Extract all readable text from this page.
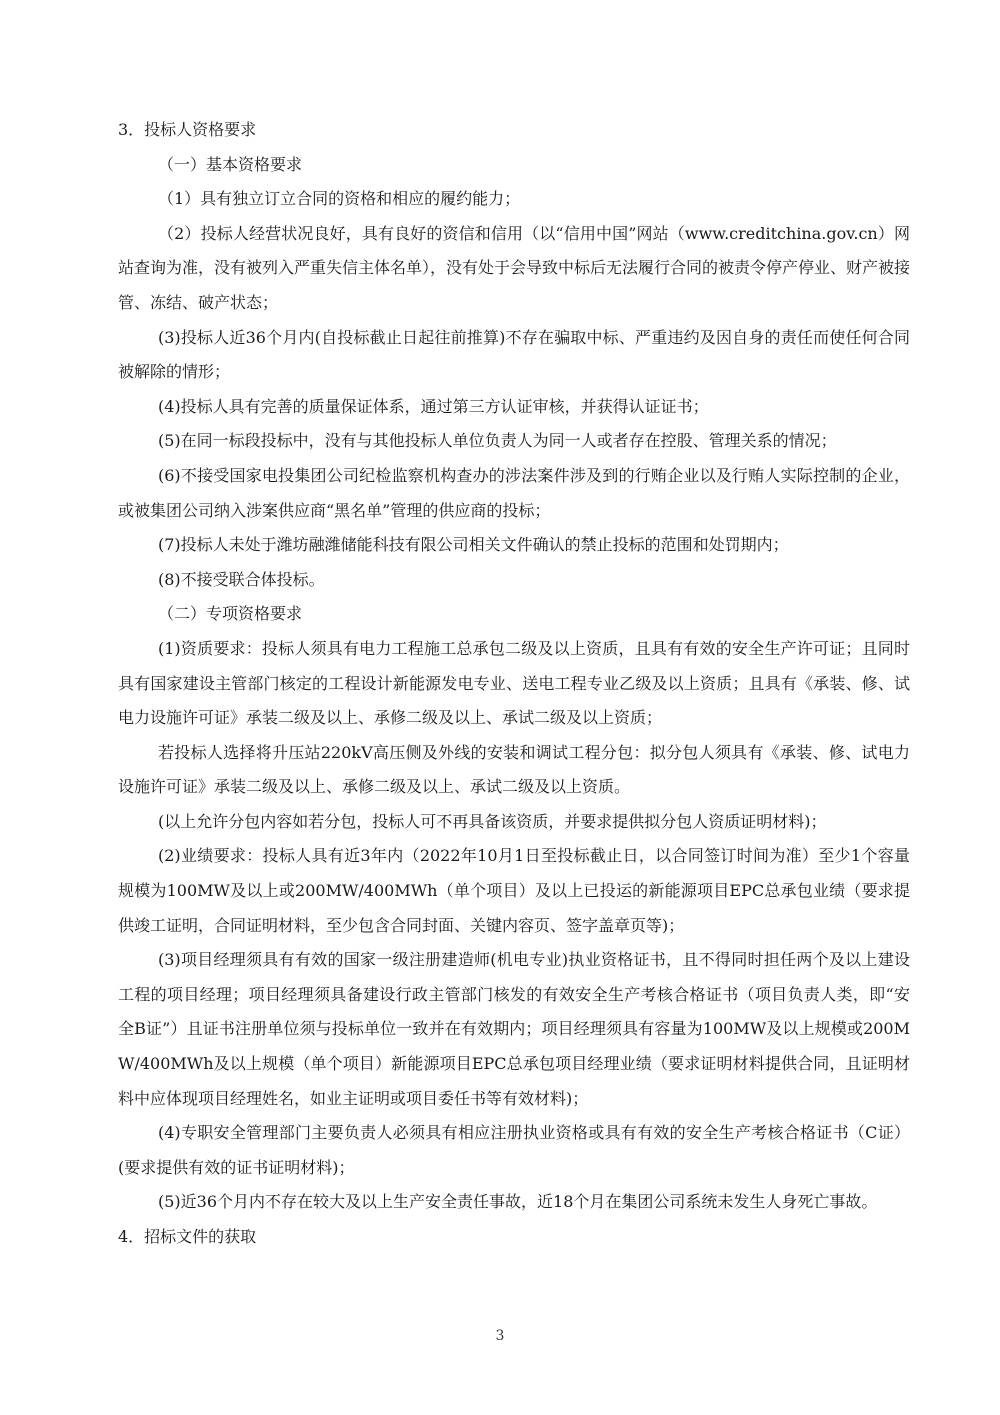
3．投标人资格要求

（一）基本资格要求

（1）具有独立订立合同的资格和相应的履约能力；

（2）投标人经营状况良好，具有良好的资信和信用（以“信用中国”网站（www.creditchina.gov.cn）网站查询为准，没有被列入严重失信主体名单），没有处于会导致中标后无法履行合同的被责令停产停业、财产被接管、冻结、破产状态；

(3)投标人近36个月内(自投标截止日起往前推算)不存在骗取中标、严重违约及因自身的责任而使任何合同被解除的情形；

(4)投标人具有完善的质量保证体系，通过第三方认证审核，并获得认证证书；

(5)在同一标段投标中，没有与其他投标人单位负责人为同一人或者存在控股、管理关系的情况；

(6)不接受国家电投集团公司纪检监察机构查办的涉法案件涉及到的行贿企业以及行贿人实际控制的企业，或被集团公司纳入涉案供应商“黑名单”管理的供应商的投标；

(7)投标人未处于潍坊融潍储能科技有限公司相关文件确认的禁止投标的范围和处罚期内；

(8)不接受联合体投标。

（二）专项资格要求

(1)资质要求：投标人须具有电力工程施工总承包二级及以上资质，且具有有效的安全生产许可证；且同时具有国家建设主管部门核定的工程设计新能源发电专业、送电工程专业乙级及以上资质；且具有《承装、修、试电力设施许可证》承装二级及以上、承修二级及以上、承试二级及以上资质；

若投标人选择将升压站220kV高压侧及外线的安装和调试工程分包：拟分包人须具有《承装、修、试电力设施许可证》承装二级及以上、承修二级及以上、承试二级及以上资质。

(以上允许分包内容如若分包，投标人可不再具备该资质，并要求提供拟分包人资质证明材料)；

(2)业绩要求：投标人具有近3年内（2022年10月1日至投标截止日，以合同签订时间为准）至少1个容量规模为100MW及以上或200MW/400MWh（单个项目）及以上已投运的新能源项目EPC总承包业绩（要求提供竣工证明，合同证明材料，至少包含合同封面、关键内容页、签字盖章页等)；

(3)项目经理须具有有效的国家一级注册建造师(机电专业)执业资格证书，且不得同时担任两个及以上建设工程的项目经理；项目经理须具备建设行政主管部门核发的有效安全生产考核合格证书（项目负责人类，即“安全B证”）且证书注册单位须与投标单位一致并在有效期内；项目经理须具有容量为100MW及以上规模或200MW/400MWh及以上规模（单个项目）新能源项目EPC总承包项目经理业绩（要求证明材料提供合同，且证明材料中应体现项目经理姓名，如业主证明或项目委任书等有效材料)；

(4)专职安全管理部门主要负责人必须具有相应注册执业资格或具有有效的安全生产考核合格证书（C证）(要求提供有效的证书证明材料)；

(5)近36个月内不存在较大及以上生产安全责任事故，近18个月在集团公司系统未发生人身死亡事故。

4．招标文件的获取

3
